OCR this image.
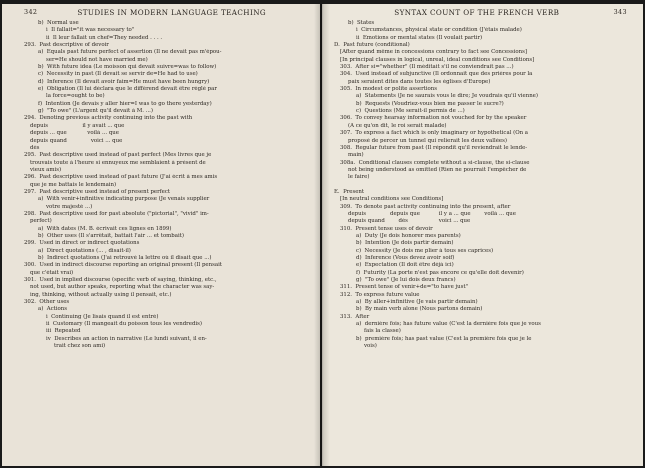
342	STUDIES IN MODERN LANGUAGE TEACHING
b)  Normal use
i  Il fallait="it was necessary to"
ii  Il leur fallait un chef=They needed . . . .
293.  Past descriptive of devoir
a)  Equals past future perfect of assertion (Il ne devait pas m'épou-
ser=He should not have married me)
b)  With future idea (Le moisson qui devait suivre=was to follow)
c)  Necessity in past (Il devait se servir de=He had to use)
d)  Inference (Il devait avoir faim=He must have been hungry)
e)  Obligation (Il lui déclara que le différend devait être réglé par
la force=ought to be)
f)  Intention (Je devais y aller hier=I was to go there yesterday)
g)  "To owe" (L'argent qu'il devait à M. ...)
294.  Denoting previous activity continuing into the past with
depuis                    il y avait ... que
depuis ... que            voilà ... que
depuis quand              voici ... que
dès
295.  Past descriptive used instead of past perfect (Mes livres que je
trouvais toute à l'heure si ennuyeux me semblaient à présent de
vieux amis)
296.  Past descriptive used instead of past future (J'ai écrit à mes amis
que je me battais le lendemain)
297.  Past descriptive used instead of present perfect
a)  With venir+infinitive indicating purpose (Je venais supplier
votre majesté ...)
298.  Past descriptive used for past absolute ("pictorial", "vivid" im-
perfect)
a)  With dates (M. B. écrivait ces lignes en 1899)
b)  Other uses (Il s'arrêtait, battait l'air ... et tombait)
299.  Used in direct or indirect quotations
a)  Direct quotations (... , disait-il)
b)  Indirect quotations (J'ai retrouvé la lettre où il disait que ...)
300.  Used in indirect discourse reporting an original present (Il pensait
que c'était vrai)
301.  Used in implied discourse (specific verb of saying, thinking, etc.,
not used, but author speaks, reporting what the character was say-
ing, thinking, without actually using il pensait, etc.)
302.  Other uses
a)  Actions
i  Continuing (Je lisais quand il est entré)
ii  Customary (Il mangeait du poisson tous les vendredis)
iii  Repeated
iv  Describes an action in narrative (Le lundi suivant, il en-
trait chez son ami)
SYNTAX COUNT OF THE FRENCH VERB	343
b)  States
i  Circumstances, physical state or condition (J'étais malade)
ii  Emotions or mental states (Il voulait partir)
D.  Past future (conditional)
[After quand même in concessions contrary to fact see Concessions]
[In principal clauses in logical, unreal, ideal conditions see Conditions]
303.  After si="whether" (Il méditait s'il ne conviendrait pas ...)
304.  Used instead of subjunctive (Il ordonnait que des prières pour la
paix seraient dites dans toutes les églises d'Europe)
305.  In modest or polite assertions
a)  Statements (Je ne saurais vous le dire; Je voudrais qu'il vienne)
b)  Requests (Voudriez-vous bien me passer le sucre?)
c)  Questions (Me serait-il permis de ...)
306.  To convey hearsay information not vouched for by the speaker
(A ce qu'on dit, le roi serait malade)
307.  To express a fact which is only imaginary or hypothetical (On a
proposé de percer un tunnel qui relierait les deux vallées)
308.  Regular future from past (Il répondit qu'il reviendrait le lende-
main)
308a.  Conditional clauses complete without a si-clause, the si-clause
not being understood as omitted (Rien ne pourrait l'empêcher de
le faire)

E.  Present
[In neutral conditions see Conditions]
309.  To denote past activity continuing into the present, after
depuis              depuis que           il y a ... que        voilà ... que
depuis quand        dès                  voici ... que
310.  Present tense uses of devoir
a)  Duty (Je dois honorer mes parents)
b)  Intention (Je dois partir demain)
c)  Necessity (Je dois me plier à tous ses caprices)
d)  Inference (Vous devez avoir soif)
e)  Expectation (Il doit être déjà ici)
f)  Futurity (La porte n'est pas encore ce qu'elle doit devenir)
g)  "To owe" (Je lui dois deux francs)
311.  Present tense of venir+de="to have just"
312.  To express future value
a)  By aller+infinitive (Je vais partir demain)
b)  By main verb alone (Nous partons demain)
313.  After
a)  dernière fois; has future value (C'est la dernière fois que je vous
fais la classe)
b)  première fois; has past value (C'est la première fois que je le
vois)
